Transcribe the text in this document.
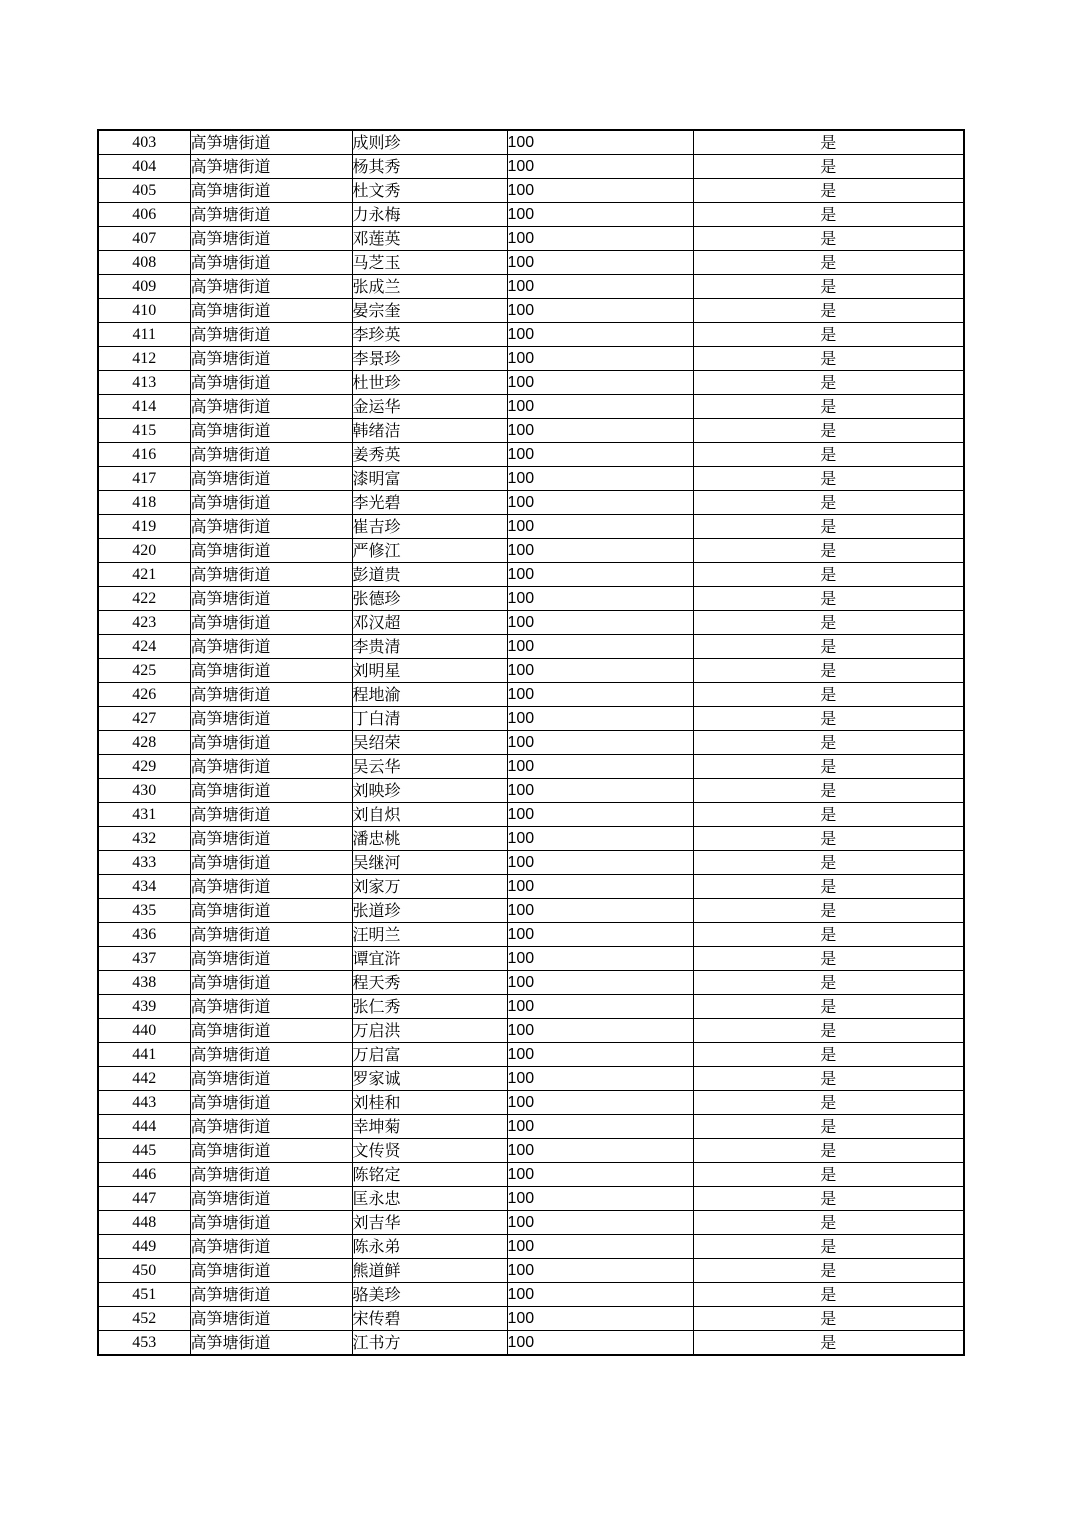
403	高笋塘街道	成则珍	100	是
404	高笋塘街道	杨其秀	100	是
405	高笋塘街道	杜文秀	100	是
406	高笋塘街道	力永梅	100	是
407	高笋塘街道	邓莲英	100	是
408	高笋塘街道	马芝玉	100	是
409	高笋塘街道	张成兰	100	是
410	高笋塘街道	晏宗奎	100	是
411	高笋塘街道	李珍英	100	是
412	高笋塘街道	李景珍	100	是
413	高笋塘街道	杜世珍	100	是
414	高笋塘街道	金运华	100	是
415	高笋塘街道	韩绪洁	100	是
416	高笋塘街道	姜秀英	100	是
417	高笋塘街道	漆明富	100	是
418	高笋塘街道	李光碧	100	是
419	高笋塘街道	崔吉珍	100	是
420	高笋塘街道	严修江	100	是
421	高笋塘街道	彭道贵	100	是
422	高笋塘街道	张德珍	100	是
423	高笋塘街道	邓汉超	100	是
424	高笋塘街道	李贵清	100	是
425	高笋塘街道	刘明星	100	是
426	高笋塘街道	程地渝	100	是
427	高笋塘街道	丁白清	100	是
428	高笋塘街道	吴绍荣	100	是
429	高笋塘街道	吴云华	100	是
430	高笋塘街道	刘映珍	100	是
431	高笋塘街道	刘自炽	100	是
432	高笋塘街道	潘忠桃	100	是
433	高笋塘街道	吴继河	100	是
434	高笋塘街道	刘家万	100	是
435	高笋塘街道	张道珍	100	是
436	高笋塘街道	汪明兰	100	是
437	高笋塘街道	谭宜浒	100	是
438	高笋塘街道	程天秀	100	是
439	高笋塘街道	张仁秀	100	是
440	高笋塘街道	万启洪	100	是
441	高笋塘街道	万启富	100	是
442	高笋塘街道	罗家诚	100	是
443	高笋塘街道	刘桂和	100	是
444	高笋塘街道	幸坤菊	100	是
445	高笋塘街道	文传贤	100	是
446	高笋塘街道	陈铭定	100	是
447	高笋塘街道	匡永忠	100	是
448	高笋塘街道	刘吉华	100	是
449	高笋塘街道	陈永弟	100	是
450	高笋塘街道	熊道鲜	100	是
451	高笋塘街道	骆美珍	100	是
452	高笋塘街道	宋传碧	100	是
453	高笋塘街道	江书方	100	是
